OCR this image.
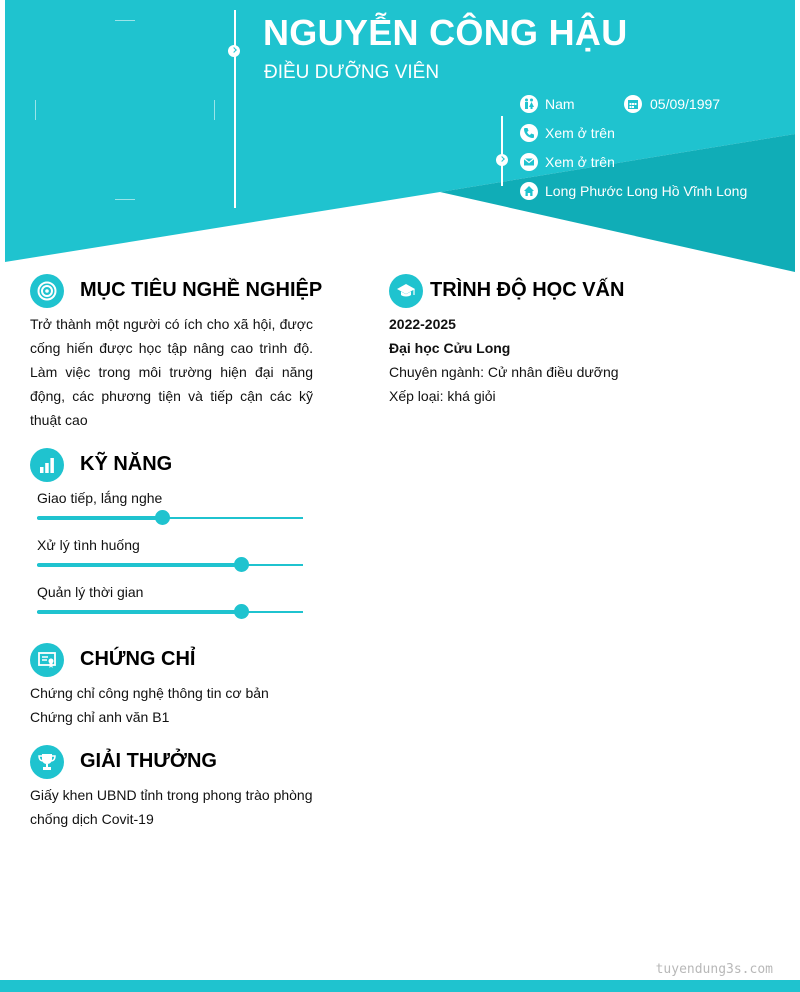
NGUYỄN CÔNG HẬU
ĐIỀU DƯỠNG VIÊN
Nam	05/09/1997
Xem ở trên
Xem ở trên
Long Phước Long Hồ Vĩnh Long
MỤC TIÊU NGHỀ NGHIỆP
Trở thành một người có ích cho xã hội, được cống hiến được học tập nâng cao trình độ. Làm việc trong môi trường hiện đại năng động, các phương tiện và tiếp cận các kỹ thuật cao
KỸ NĂNG
Giao tiếp, lắng nghe
Xử lý tình huống
Quản lý thời gian
CHỨNG CHỈ
Chứng chỉ công nghệ thông tin cơ bản
Chứng chỉ anh văn B1
GIẢI THƯỞNG
Giấy khen UBND tỉnh trong phong trào phòng chống dịch Covit-19
TRÌNH ĐỘ HỌC VẤN
2022-2025
Đại học Cửu Long
Chuyên ngành: Cử nhân điều dưỡng
Xếp loại: khá giỏi
tuyendung3s.com
